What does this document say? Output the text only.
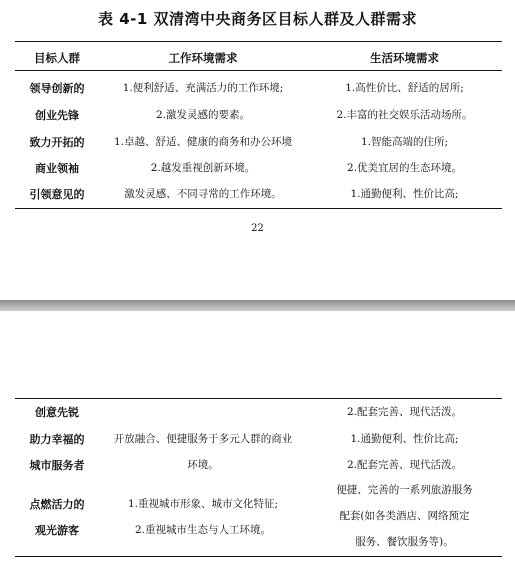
表 4-1 双清湾中央商务区目标人群及人群需求
目标人群	工作环境需求	生活环境需求
领导创新的
创业先锋
致力开拓的
商业领袖
引领意见的
1.便利舒适、充满活力的工作环境;
2.激发灵感的要素。
1.卓越、舒适、健康的商务和办公环境
2.越发重视创新环境。
激发灵感、不同寻常的工作环境。
1.高性价比、舒适的居所;
2.丰富的社交娱乐活动场所。
1.智能高端的住所;
2.优美宜居的生态环境。
1.通勤便利、性价比高;
22
创意先锐
助力幸福的
城市服务者
点燃活力的
观光游客
开放融合、便捷服务于多元人群的商业
环境。
1.重视城市形象、城市文化特征;
2.重视城市生态与人工环境。
2.配套完善、现代活泼。
1.通勤便利、性价比高;
2.配套完善、现代活泼。
便捷、完善的一系列旅游服务
配套(如各类酒店、网络预定
服务、餐饮服务等)。
